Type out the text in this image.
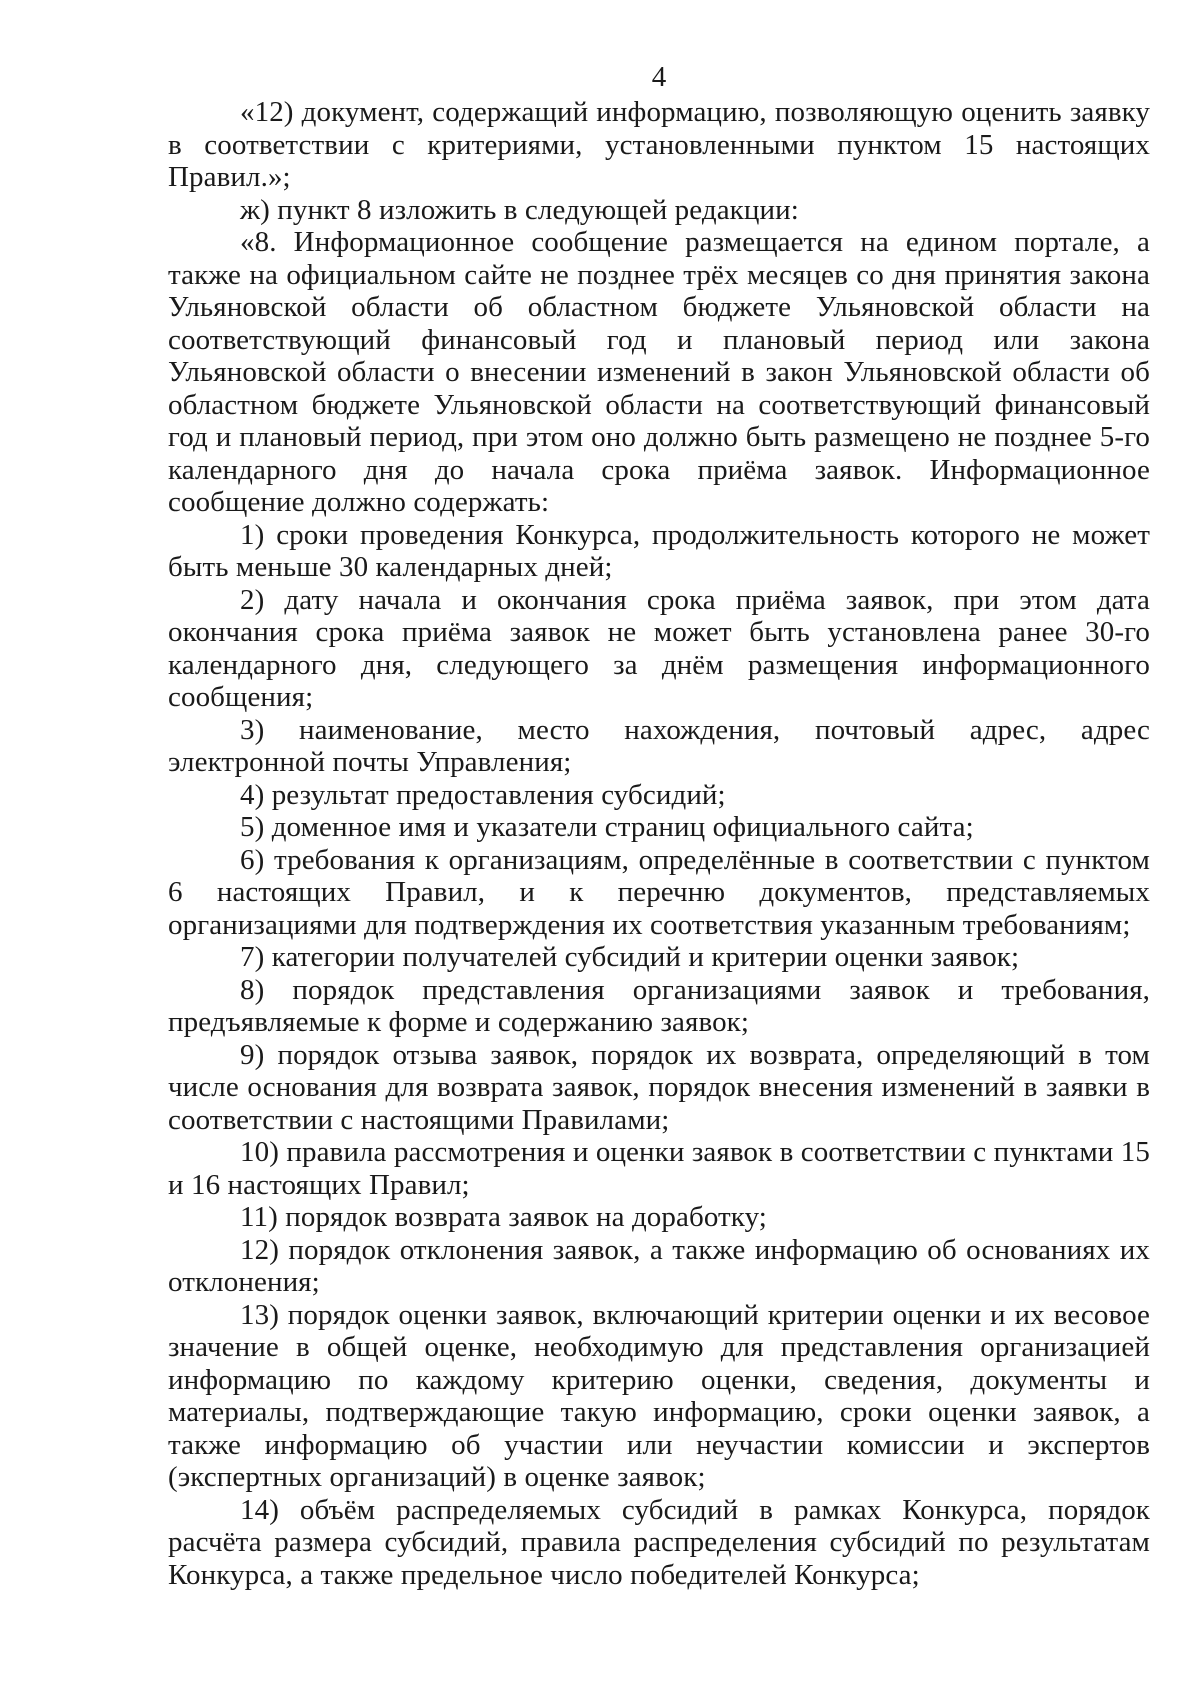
4

«12) документ, содержащий информацию, позволяющую оценить заявку в соответствии с критериями, установленными пунктом 15 настоящих Правил.»;

ж) пункт 8 изложить в следующей редакции:

«8. Информационное сообщение размещается на едином портале, а также на официальном сайте не позднее трёх месяцев со дня принятия закона Ульяновской области об областном бюджете Ульяновской области на соответствующий финансовый год и плановый период или закона Ульяновской области о внесении изменений в закон Ульяновской области об областном бюджете Ульяновской области на соответствующий финансовый год и плановый период, при этом оно должно быть размещено не позднее 5-го календарного дня до начала срока приёма заявок. Информационное сообщение должно содержать:

1) сроки проведения Конкурса, продолжительность которого не может быть меньше 30 календарных дней;

2) дату начала и окончания срока приёма заявок, при этом дата окончания срока приёма заявок не может быть установлена ранее 30-го календарного дня, следующего за днём размещения информационного сообщения;

3) наименование, место нахождения, почтовый адрес, адрес электронной почты Управления;

4) результат предоставления субсидий;

5) доменное имя и указатели страниц официального сайта;

6) требования к организациям, определённые в соответствии с пунктом 6 настоящих Правил, и к перечню документов, представляемых организациями для подтверждения их соответствия указанным требованиям;

7) категории получателей субсидий и критерии оценки заявок;

8) порядок представления организациями заявок и требования, предъявляемые к форме и содержанию заявок;

9) порядок отзыва заявок, порядок их возврата, определяющий в том числе основания для возврата заявок, порядок внесения изменений в заявки в соответствии с настоящими Правилами;

10) правила рассмотрения и оценки заявок в соответствии с пунктами 15 и 16 настоящих Правил;

11) порядок возврата заявок на доработку;

12) порядок отклонения заявок, а также информацию об основаниях их отклонения;

13) порядок оценки заявок, включающий критерии оценки и их весовое значение в общей оценке, необходимую для представления организацией информацию по каждому критерию оценки, сведения, документы и материалы, подтверждающие такую информацию, сроки оценки заявок, а также информацию об участии или неучастии комиссии и экспертов (экспертных организаций) в оценке заявок;

14) объём распределяемых субсидий в рамках Конкурса, порядок расчёта размера субсидий, правила распределения субсидий по результатам Конкурса, а также предельное число победителей Конкурса;
